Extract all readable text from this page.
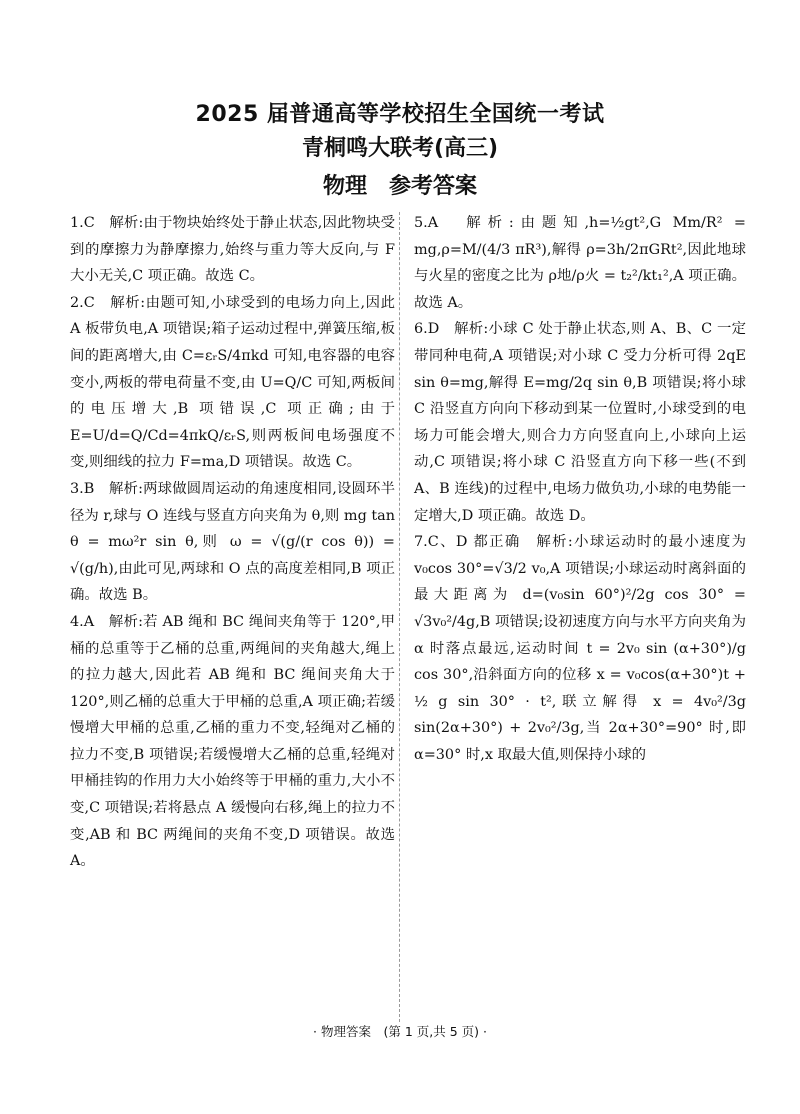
2025 届普通高等学校招生全国统一考试
青桐鸣大联考(高三)
物理　参考答案
1.C　解析:由于物块始终处于静止状态,因此物块受到的摩擦力为静摩擦力,始终与重力等大反向,与 F 大小无关,C 项正确。故选 C。
2.C　解析:由题可知,小球受到的电场力向上,因此 A 板带负电,A 项错误;箱子运动过程中,弹簧压缩,板间的距离增大,由 C=εᵣS/4πkd 可知,电容器的电容变小,两板的带电荷量不变,由 U=Q/C 可知,两板间的电压增大,B 项错误,C 项正确;由于 E=U/d=Q/Cd=4πkQ/εᵣS,则两板间电场强度不变,则细线的拉力 F=ma,D 项错误。故选 C。
3.B　解析:两球做圆周运动的角速度相同,设圆环半径为 r,球与 O 连线与竖直方向夹角为 θ,则 mg tan θ = mω²r sin θ,则 ω = √(g/(r cos θ)) = √(g/h),由此可见,两球和 O 点的高度差相同,B 项正确。故选 B。
4.A　解析:若 AB 绳和 BC 绳间夹角等于 120°,甲桶的总重等于乙桶的总重,两绳间的夹角越大,绳上的拉力越大,因此若 AB 绳和 BC 绳间夹角大于 120°,则乙桶的总重大于甲桶的总重,A 项正确;若缓慢增大甲桶的总重,乙桶的重力不变,轻绳对乙桶的拉力不变,B 项错误;若缓慢增大乙桶的总重,轻绳对甲桶挂钩的作用力大小始终等于甲桶的重力,大小不变,C 项错误;若将悬点 A 缓慢向右移,绳上的拉力不变,AB 和 BC 两绳间的夹角不变,D 项错误。故选 A。
5.A　解析:由题知,h=½gt²,G Mm/R² = mg,ρ=M/(4/3 πR³),解得 ρ=3h/2πGRt²,因此地球与火星的密度之比为 ρ地/ρ火 = t₂²/kt₁²,A 项正确。故选 A。
6.D　解析:小球 C 处于静止状态,则 A、B、C 一定带同种电荷,A 项错误;对小球 C 受力分析可得 2qE sin θ=mg,解得 E=mg/2q sin θ,B 项错误;将小球 C 沿竖直方向向下移动到某一位置时,小球受到的电场力可能会增大,则合力方向竖直向上,小球向上运动,C 项错误;将小球 C 沿竖直方向下移一些(不到 A、B 连线)的过程中,电场力做负功,小球的电势能一定增大,D 项正确。故选 D。
7.C、D 都正确　解析:小球运动时的最小速度为 v₀cos 30°=√3/2 v₀,A 项错误;小球运动时离斜面的最大距离为 d=(v₀sin 60°)²/2g cos 30° = √3v₀²/4g,B 项错误;设初速度方向与水平方向夹角为 α 时落点最远,运动时间 t = 2v₀ sin (α+30°)/g cos 30°,沿斜面方向的位移 x = v₀cos(α+30°)t + ½ g sin 30° · t²,联立解得 x = 4v₀²/3g sin(2α+30°) + 2v₀²/3g,当 2α+30°=90° 时,即 α=30° 时,x 取最大值,则保持小球的
· 物理答案　(第 1 页,共 5 页) ·
